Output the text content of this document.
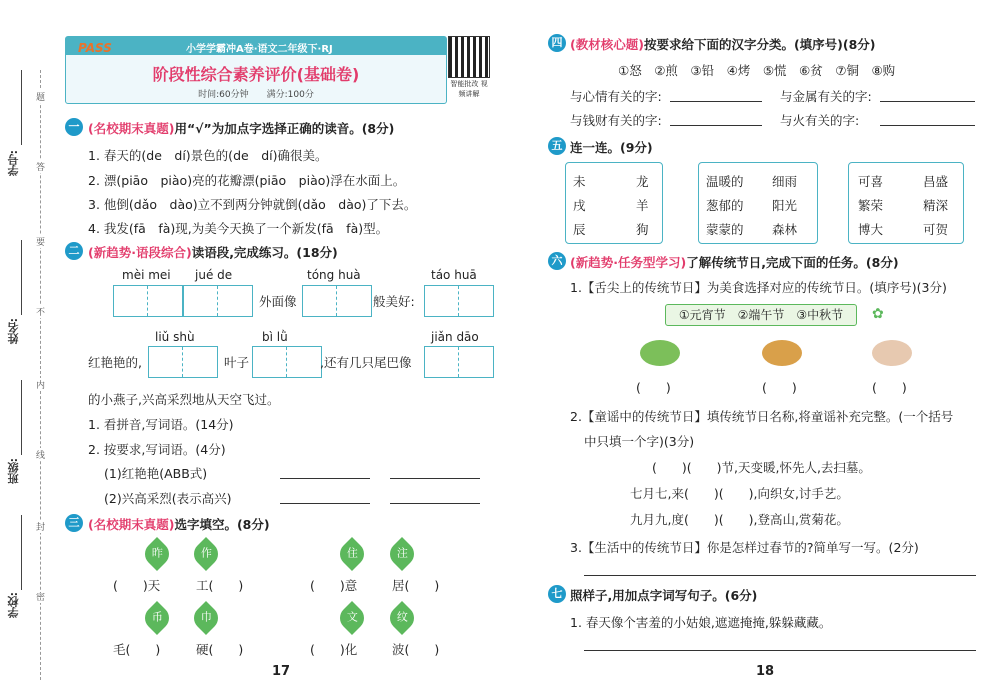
学号:
姓名:
班级:
学校:
题
答
要
不
内
线
封
密
PASS	小学学霸冲A卷·语文二年级下·RJ
阶段性综合素养评价(基础卷)
时间:60分钟　　满分:100分
智能批改 视频讲解
一 (名校期末真题)用“√”为加点字选择正确的读音。(8分)
1. 春天的(de　dí)景色的(de　dí)确很美。
2. 漂(piāo　piào)亮的花瓣漂(piāo　piào)浮在水面上。
3. 他倒(dǎo　dào)立不到两分钟就倒(dǎo　dào)了下去。
4. 我发(fā　fà)现,为美今天换了一个新发(fā　fà)型。
二 (新趋势·语段综合)读语段,完成练习。(18分)
mèi mei jué de	tóng huà	táo huā
外面像	般美好:
liǔ shù	bì lǜ	jiǎn dāo
红艳艳的,	叶子	,还有几只尾巴像
的小燕子,兴高采烈地从天空飞过。
1. 看拼音,写词语。(14分)
2. 按要求,写词语。(4分)
(1)红艳艳(ABB式)
(2)兴高采烈(表示高兴)
三 (名校期末真题)选字填空。(8分)
昨	作	住	注
(　　)天	工(　　)	(　　)意	居(　　)
币	巾	文	纹
毛(　　)	硬(　　)	(　　)化	波(　　)
17
四 (教材核心题)按要求给下面的汉字分类。(填序号)(8分)
①怒　②煎　③铅　④烤　⑤慌　⑥贫　⑦铜　⑧购
与心情有关的字:	与金属有关的字:
与钱财有关的字:	与火有关的字:
五 连一连。(9分)
未	龙
戌	羊
辰	狗
温暖的 细雨
葱郁的 阳光
蒙蒙的 森林
可喜	昌盛
繁荣	精深
博大	可贺
六 (新趋势·任务型学习)了解传统节日,完成下面的任务。(8分)
1.【舌尖上的传统节日】为美食选择对应的传统节日。(填序号)(3分)
①元宵节　②端午节　③中秋节	✿
(　　)	(　　)	(　　)
2.【童谣中的传统节日】填传统节日名称,将童谣补充完整。(一个括号
中只填一个字)(3分)
(　　)(　　)节,天变暖,怀先人,去扫墓。
七月七,来(　　)(　　),向织女,讨手艺。
九月九,度(　　)(　　),登高山,赏菊花。
3.【生活中的传统节日】你是怎样过春节的?简单写一写。(2分)
七 照样子,用加点字词写句子。(6分)
1. 春天像个害羞的小姑娘,遮遮掩掩,躲躲藏藏。
18
